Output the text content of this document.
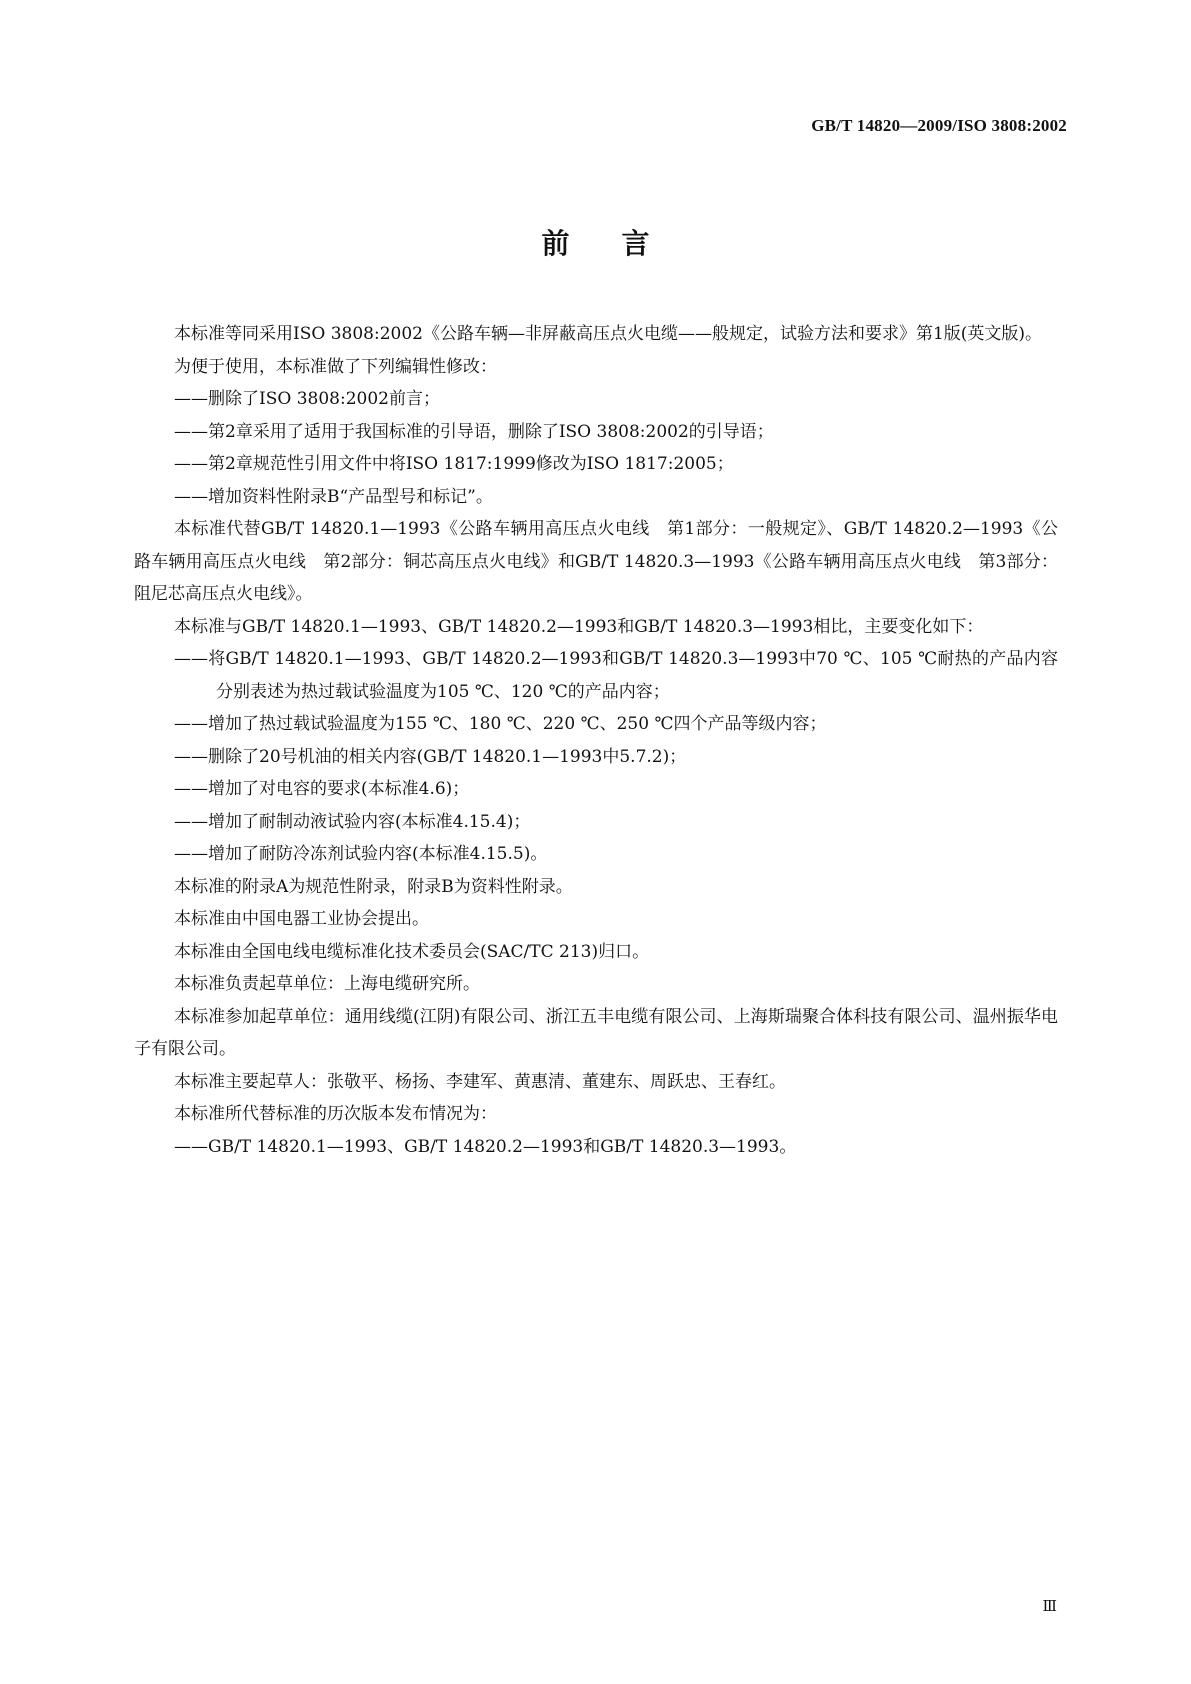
GB/T 14820—2009/ISO 3808:2002
前言

本标准等同采用ISO 3808:2002《公路车辆—非屏蔽高压点火电缆——般规定，试验方法和要求》第1版(英文版)。

为便于使用，本标准做了下列编辑性修改：

——删除了ISO 3808:2002前言；

——第2章采用了适用于我国标准的引导语，删除了ISO 3808:2002的引导语；

——第2章规范性引用文件中将ISO 1817:1999修改为ISO 1817:2005；

——增加资料性附录B“产品型号和标记”。

本标准代替GB/T 14820.1—1993《公路车辆用高压点火电线　第1部分：一般规定》、GB/T 14820.2—1993《公路车辆用高压点火电线　第2部分：铜芯高压点火电线》和GB/T 14820.3—1993《公路车辆用高压点火电线　第3部分：阻尼芯高压点火电线》。

本标准与GB/T 14820.1—1993、GB/T 14820.2—1993和GB/T 14820.3—1993相比，主要变化如下：

——将GB/T 14820.1—1993、GB/T 14820.2—1993和GB/T 14820.3—1993中70 ℃、105 ℃耐热的产品内容分别表述为热过载试验温度为105 ℃、120 ℃的产品内容；

——增加了热过载试验温度为155 ℃、180 ℃、220 ℃、250 ℃四个产品等级内容；

——删除了20号机油的相关内容(GB/T 14820.1—1993中5.7.2)；

——增加了对电容的要求(本标准4.6)；

——增加了耐制动液试验内容(本标准4.15.4)；

——增加了耐防冷冻剂试验内容(本标准4.15.5)。

本标准的附录A为规范性附录，附录B为资料性附录。

本标准由中国电器工业协会提出。

本标准由全国电线电缆标准化技术委员会(SAC/TC 213)归口。

本标准负责起草单位：上海电缆研究所。

本标准参加起草单位：通用线缆(江阴)有限公司、浙江五丰电缆有限公司、上海斯瑞聚合体科技有限公司、温州振华电子有限公司。

本标准主要起草人：张敬平、杨扬、李建军、黄惠清、董建东、周跃忠、王春红。

本标准所代替标准的历次版本发布情况为：

——GB/T 14820.1—1993、GB/T 14820.2—1993和GB/T 14820.3—1993。

Ⅲ
